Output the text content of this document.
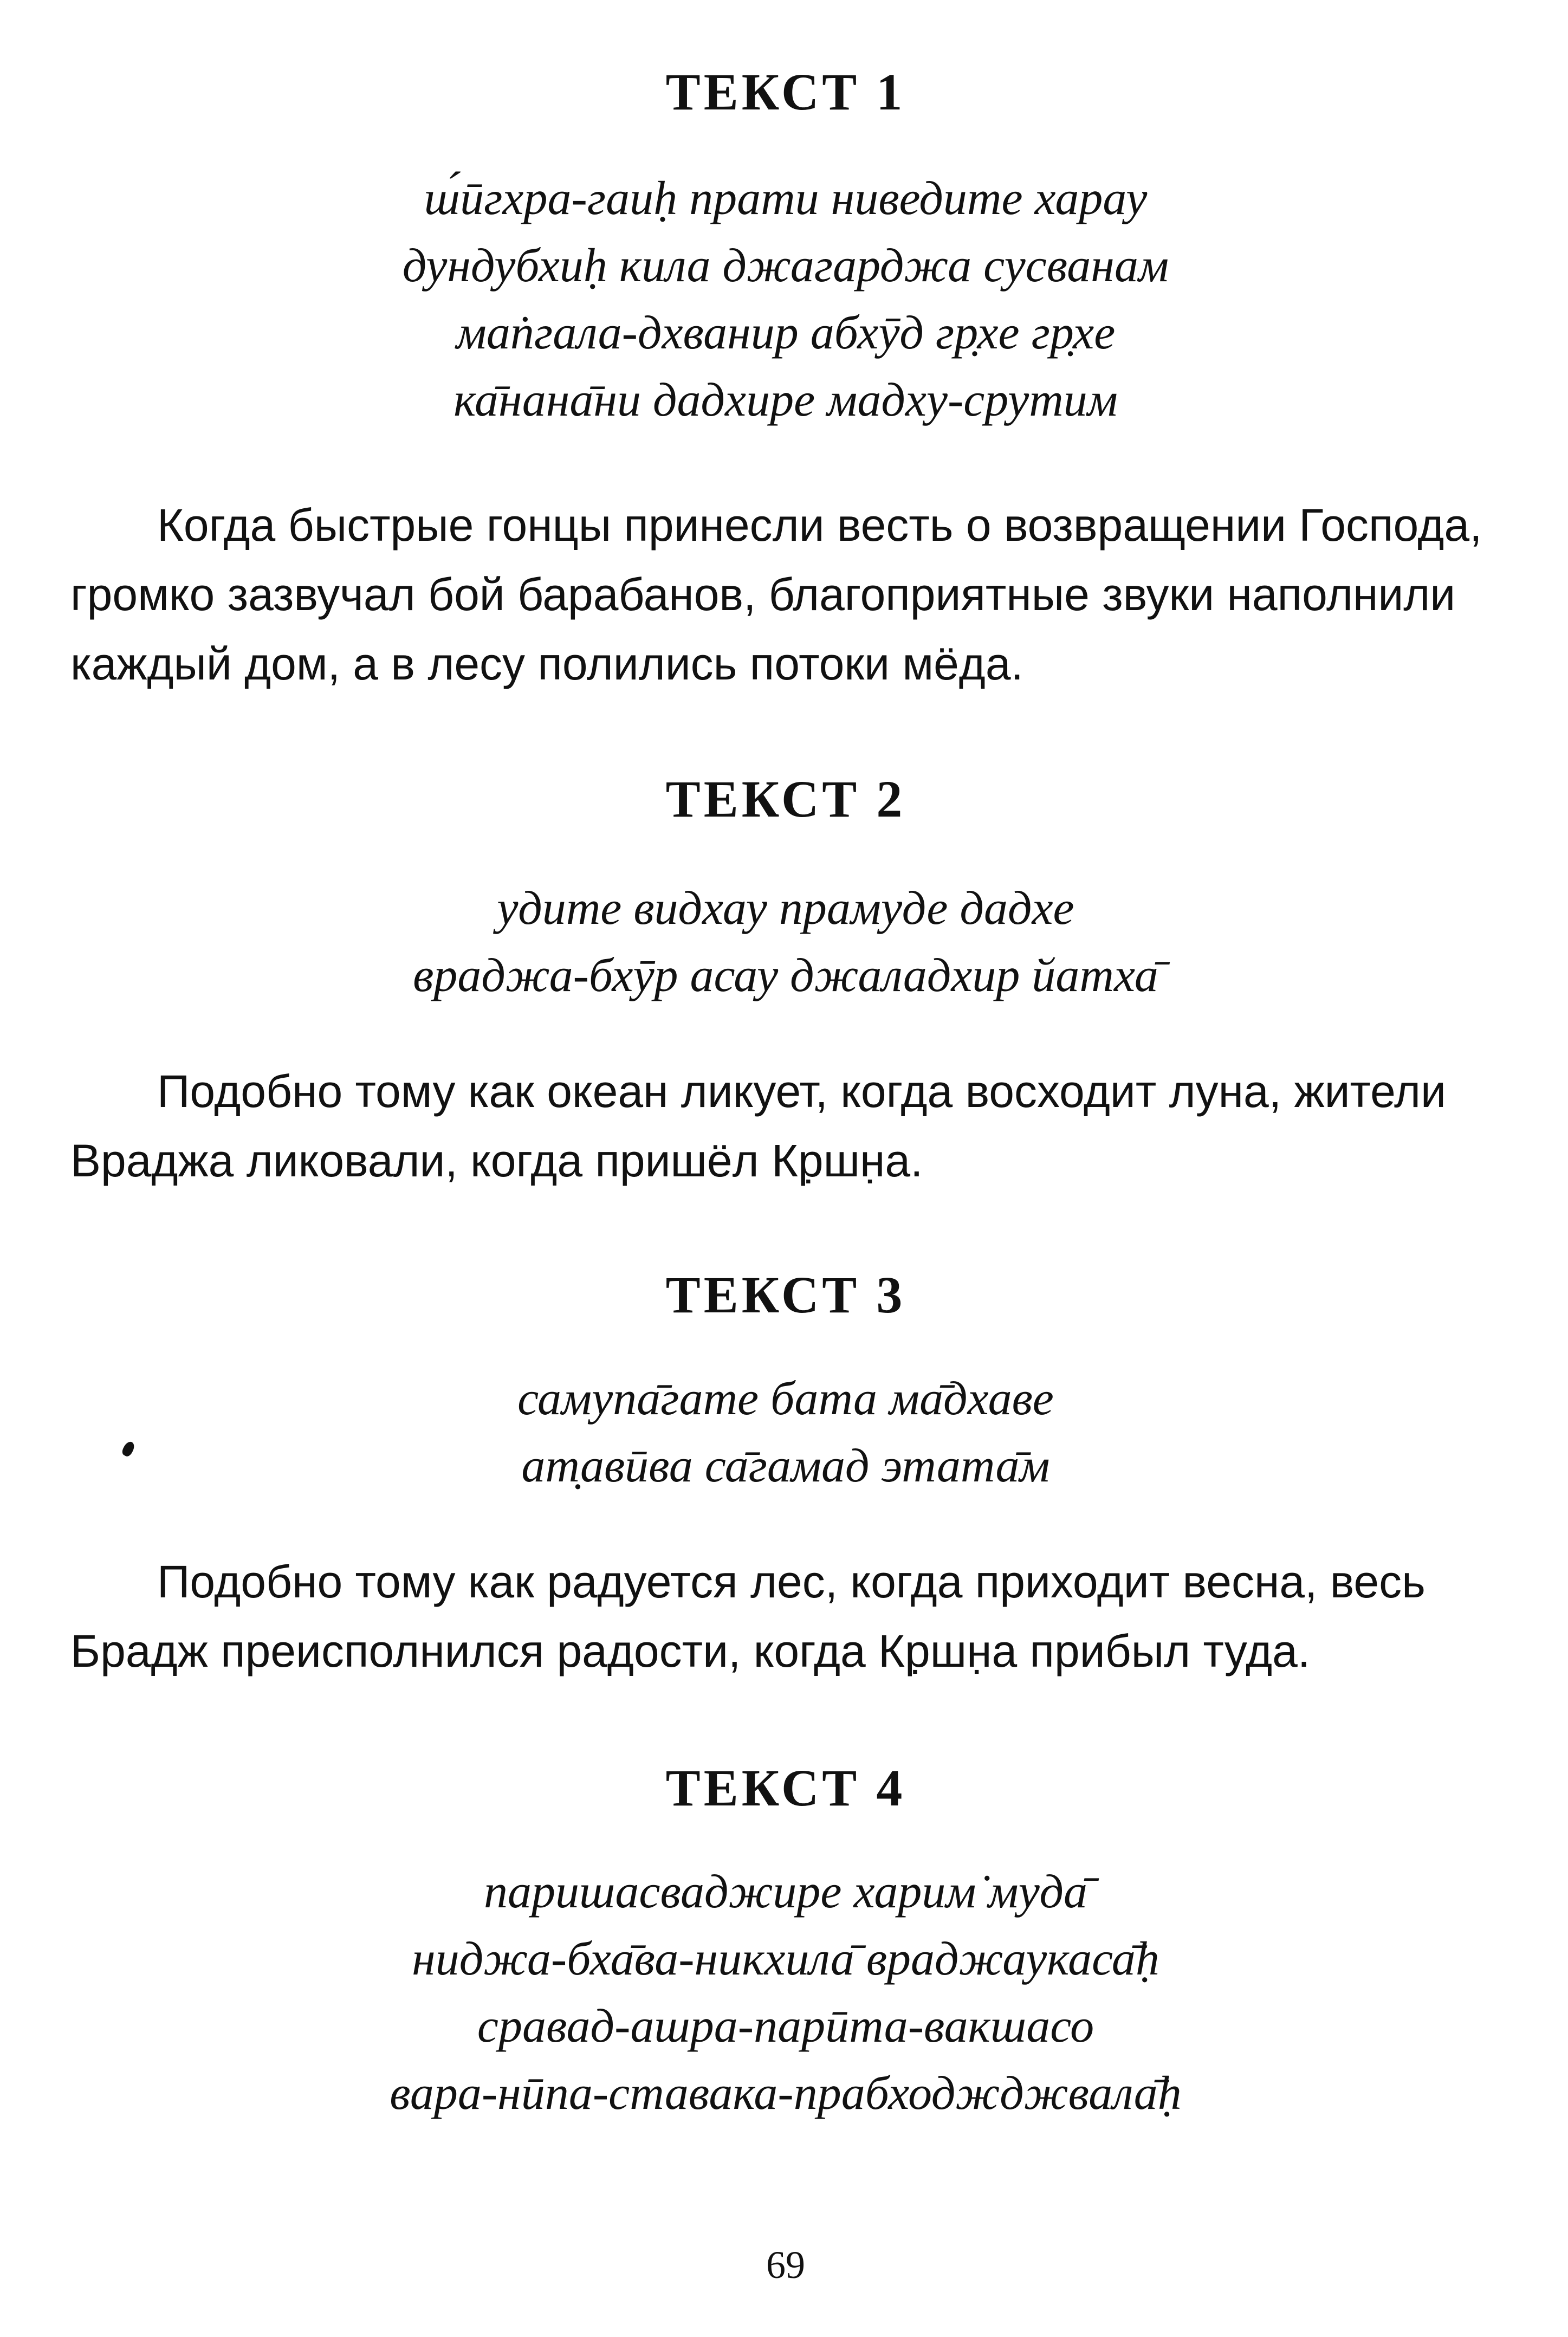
ТЕКСТ 1
ш́ӣгхра-гаиḥ прати ниведите харау
дундубхиḥ кила джагарджа сусванам
маṅгала-дхванир абхӯд гр̣хе гр̣хе
ка̄нана̄ни дадхире мадху-срутим
Когда быстрые гонцы принесли весть о возвращении Господа,
громко зазвучал бой барабанов, благоприятные звуки наполнили
каждый дом, а в лесу полились потоки мёда.
ТЕКСТ 2
удите видхау прамуде дадхе
враджа-бхӯр асау джаладхир йатха̄
Подобно тому как океан ликует, когда восходит луна, жители
Враджа ликовали, когда пришёл Кр̣шн̣а.
ТЕКСТ 3
самупа̄гате бата ма̄дхаве
ат̣авӣва са̄гамад этата̄м
Подобно тому как радуется лес, когда приходит весна, весь
Брадж преисполнился радости, когда Кр̣шн̣а прибыл туда.
ТЕКСТ 4
паришасваджире харим̇ муда̄
ниджа-бха̄ва-никхила̄ враджаукаса̄ḥ
сравад-ашра-парӣта-вакшасо
вара-нӣпа-ставака-прабходжджвала̄ḥ
69
